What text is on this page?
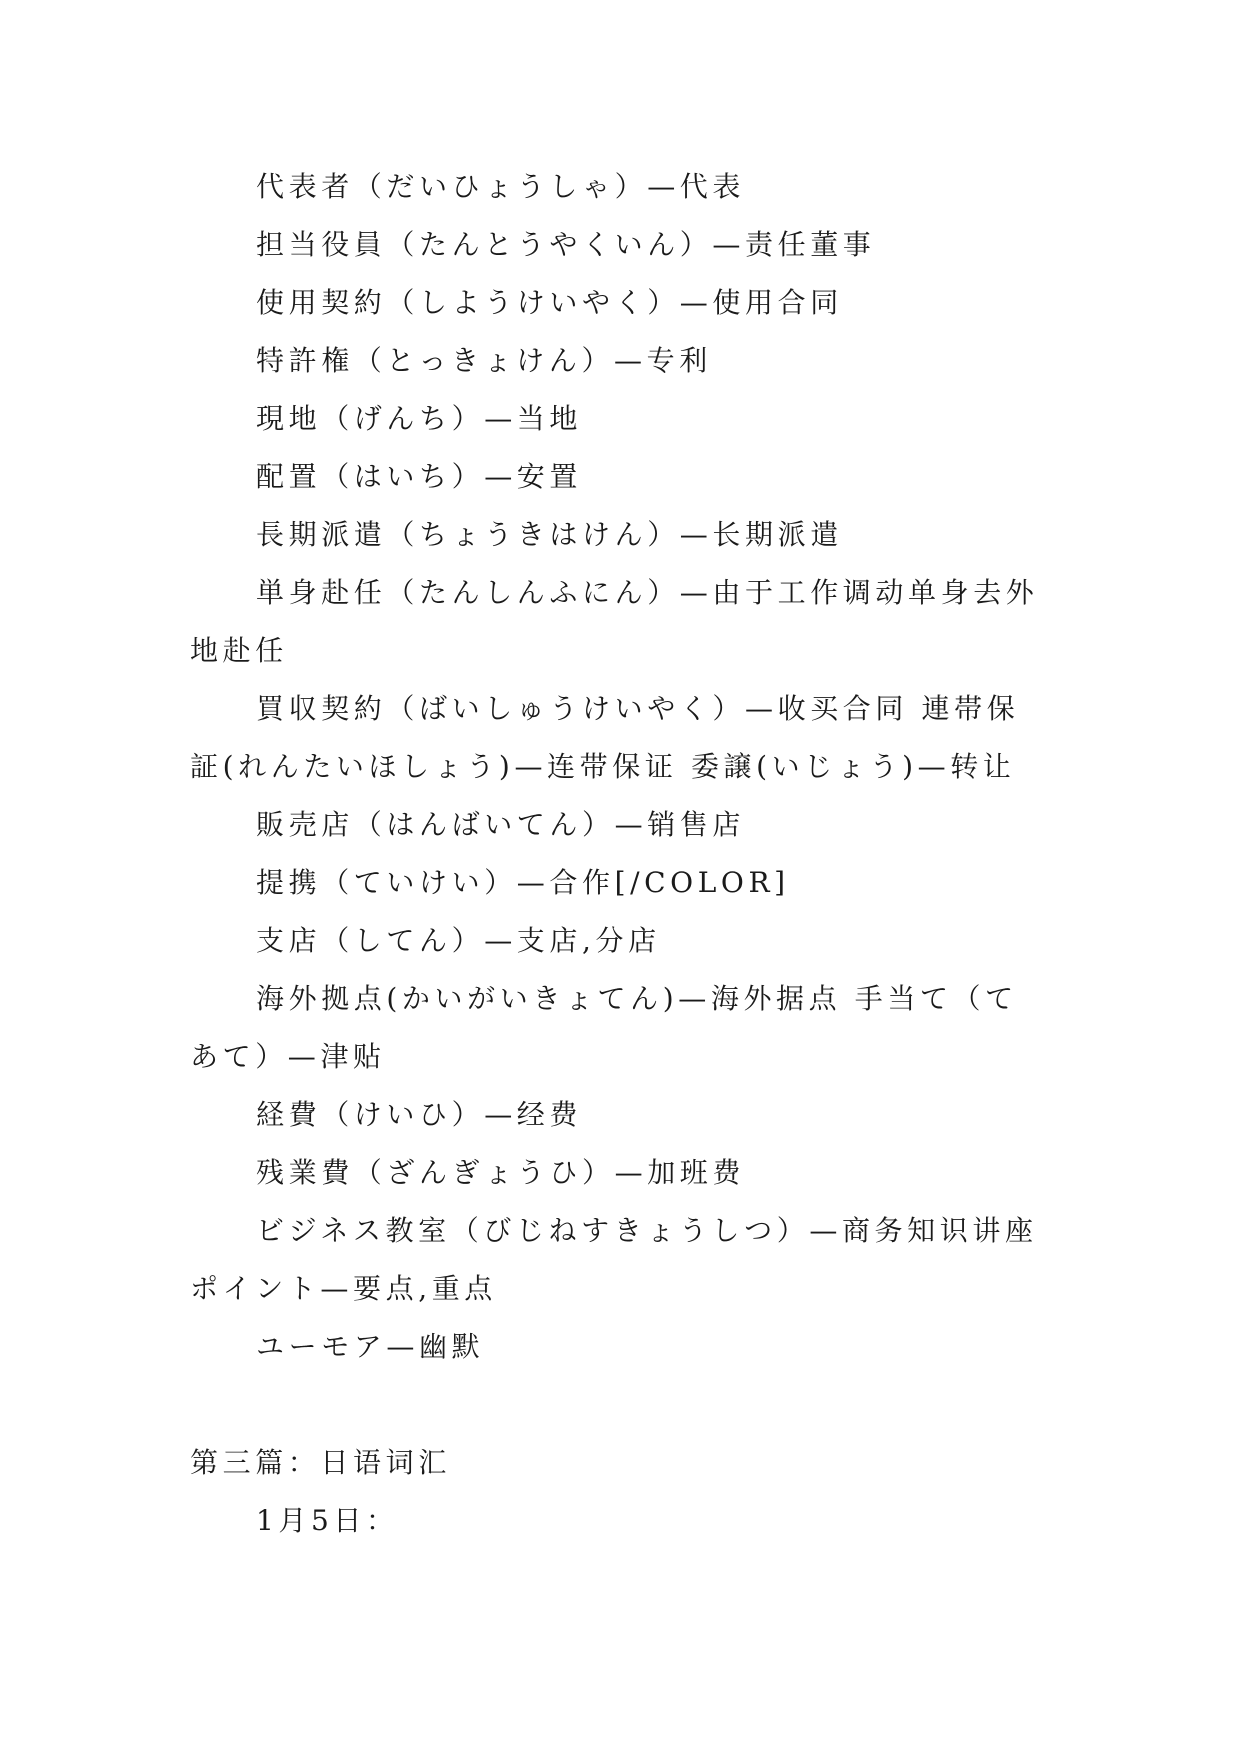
代表者（だいひょうしゃ）—代表

担当役員（たんとうやくいん）—责任董事

使用契約（しようけいやく）—使用合同

特許権（とっきょけん）—专利

現地（げんち）—当地

配置（はいち）—安置

長期派遣（ちょうきはけん）—长期派遣

単身赴任（たんしんふにん）—由于工作调动单身去外地赴任

買収契約（ばいしゅうけいやく）—收买合同 連帯保証(れんたいほしょう)—连带保证 委譲(いじょう)—转让

販売店（はんばいてん）—销售店

提携（ていけい）—合作[/COLOR]

支店（してん）—支店,分店

海外拠点(かいがいきょてん)—海外据点 手当て（てあて）—津贴

経費（けいひ）—经费

残業費（ざんぎょうひ）—加班费

ビジネス教室（びじねすきょうしつ）—商务知识讲座ポイント—要点,重点

ユーモア—幽默

第三篇：日语词汇

1月5日：
